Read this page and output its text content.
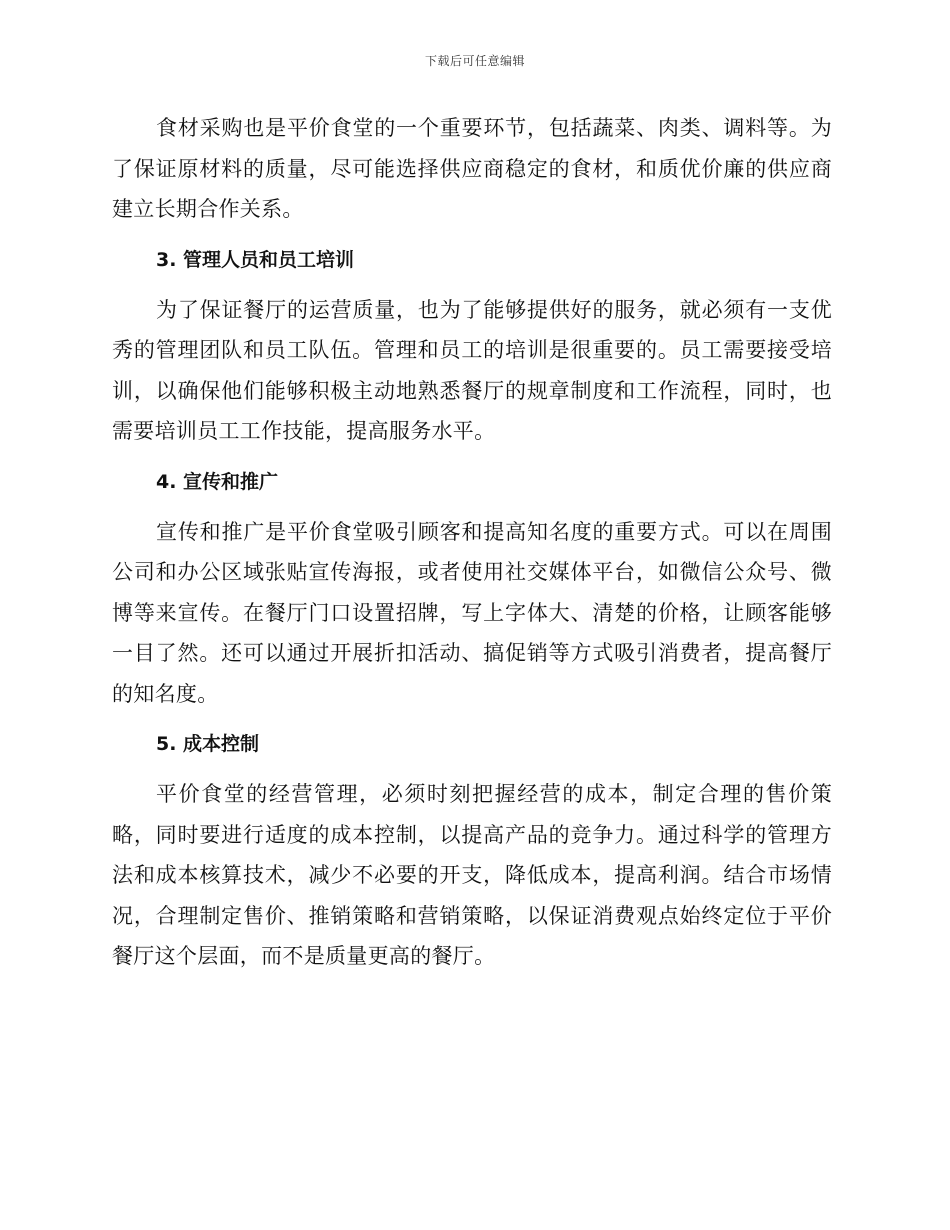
下载后可任意编辑

食材采购也是平价食堂的一个重要环节，包括蔬菜、肉类、调料等。为了保证原材料的质量，尽可能选择供应商稳定的食材，和质优价廉的供应商建立长期合作关系。

3. 管理人员和员工培训

为了保证餐厅的运营质量，也为了能够提供好的服务，就必须有一支优秀的管理团队和员工队伍。管理和员工的培训是很重要的。员工需要接受培训，以确保他们能够积极主动地熟悉餐厅的规章制度和工作流程，同时，也需要培训员工工作技能，提高服务水平。

4. 宣传和推广

宣传和推广是平价食堂吸引顾客和提高知名度的重要方式。可以在周围公司和办公区域张贴宣传海报，或者使用社交媒体平台，如微信公众号、微博等来宣传。在餐厅门口设置招牌，写上字体大、清楚的价格，让顾客能够一目了然。还可以通过开展折扣活动、搞促销等方式吸引消费者，提高餐厅的知名度。

5. 成本控制

平价食堂的经营管理，必须时刻把握经营的成本，制定合理的售价策略，同时要进行适度的成本控制，以提高产品的竞争力。通过科学的管理方法和成本核算技术，减少不必要的开支，降低成本，提高利润。结合市场情况，合理制定售价、推销策略和营销策略，以保证消费观点始终定位于平价餐厅这个层面，而不是质量更高的餐厅。
